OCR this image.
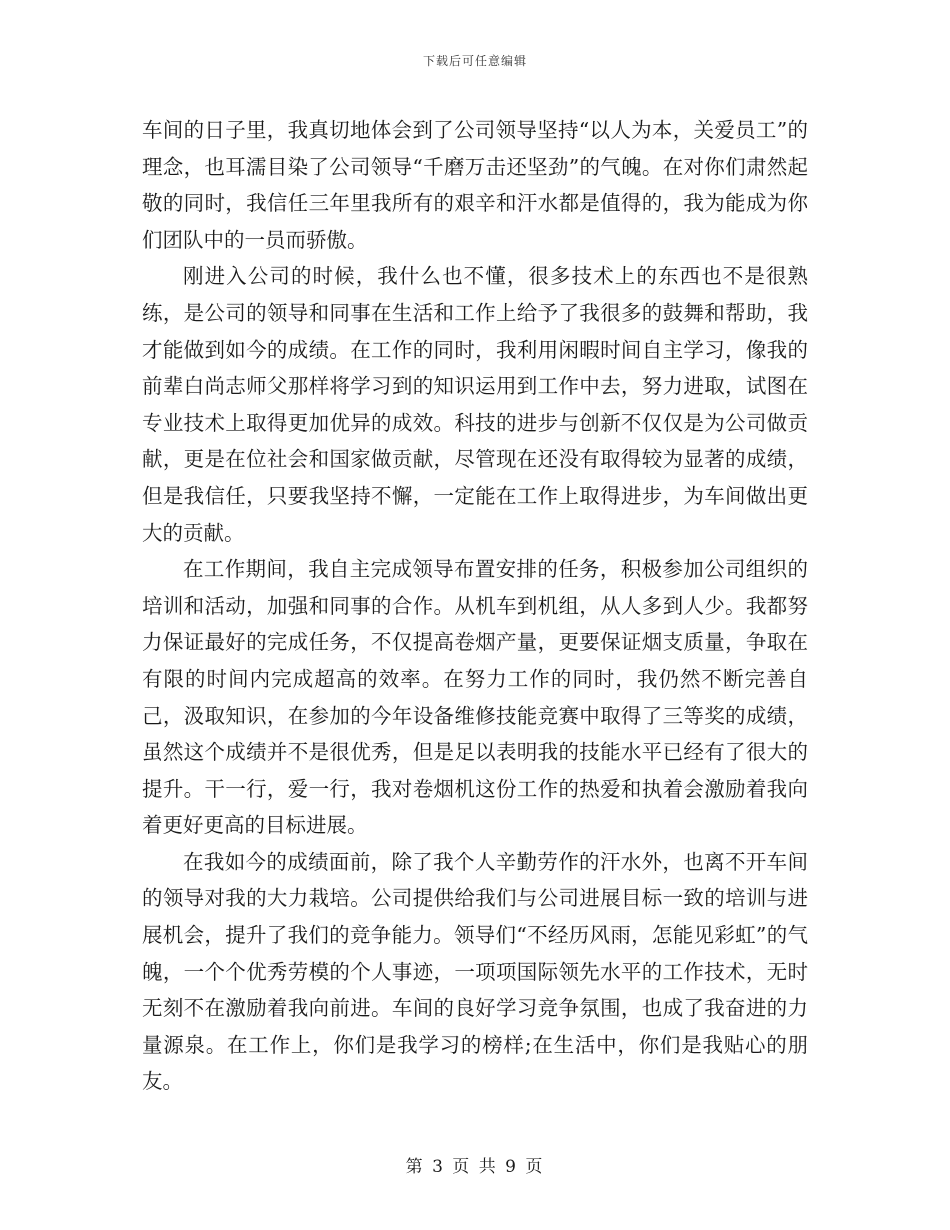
下载后可任意编辑

车间的日子里，我真切地体会到了公司领导坚持“以人为本，关爱员工”的理念，也耳濡目染了公司领导“千磨万击还坚劲”的气魄。在对你们肃然起敬的同时，我信任三年里我所有的艰辛和汗水都是值得的，我为能成为你们团队中的一员而骄傲。

刚进入公司的时候，我什么也不懂，很多技术上的东西也不是很熟练，是公司的领导和同事在生活和工作上给予了我很多的鼓舞和帮助，我才能做到如今的成绩。在工作的同时，我利用闲暇时间自主学习，像我的前辈白尚志师父那样将学习到的知识运用到工作中去，努力进取，试图在专业技术上取得更加优异的成效。科技的进步与创新不仅仅是为公司做贡献，更是在位社会和国家做贡献，尽管现在还没有取得较为显著的成绩，但是我信任，只要我坚持不懈，一定能在工作上取得进步，为车间做出更大的贡献。

在工作期间，我自主完成领导布置安排的任务，积极参加公司组织的培训和活动，加强和同事的合作。从机车到机组，从人多到人少。我都努力保证最好的完成任务，不仅提高卷烟产量，更要保证烟支质量，争取在有限的时间内完成超高的效率。在努力工作的同时，我仍然不断完善自己，汲取知识，在参加的今年设备维修技能竞赛中取得了三等奖的成绩，虽然这个成绩并不是很优秀，但是足以表明我的技能水平已经有了很大的提升。干一行，爱一行，我对卷烟机这份工作的热爱和执着会激励着我向着更好更高的目标进展。

在我如今的成绩面前，除了我个人辛勤劳作的汗水外，也离不开车间的领导对我的大力栽培。公司提供给我们与公司进展目标一致的培训与进展机会，提升了我们的竞争能力。领导们“不经历风雨，怎能见彩虹”的气魄，一个个优秀劳模的个人事迹，一项项国际领先水平的工作技术，无时无刻不在激励着我向前进。车间的良好学习竞争氛围，也成了我奋进的力量源泉。在工作上，你们是我学习的榜样;在生活中，你们是我贴心的朋友。

第 3 页 共 9 页
